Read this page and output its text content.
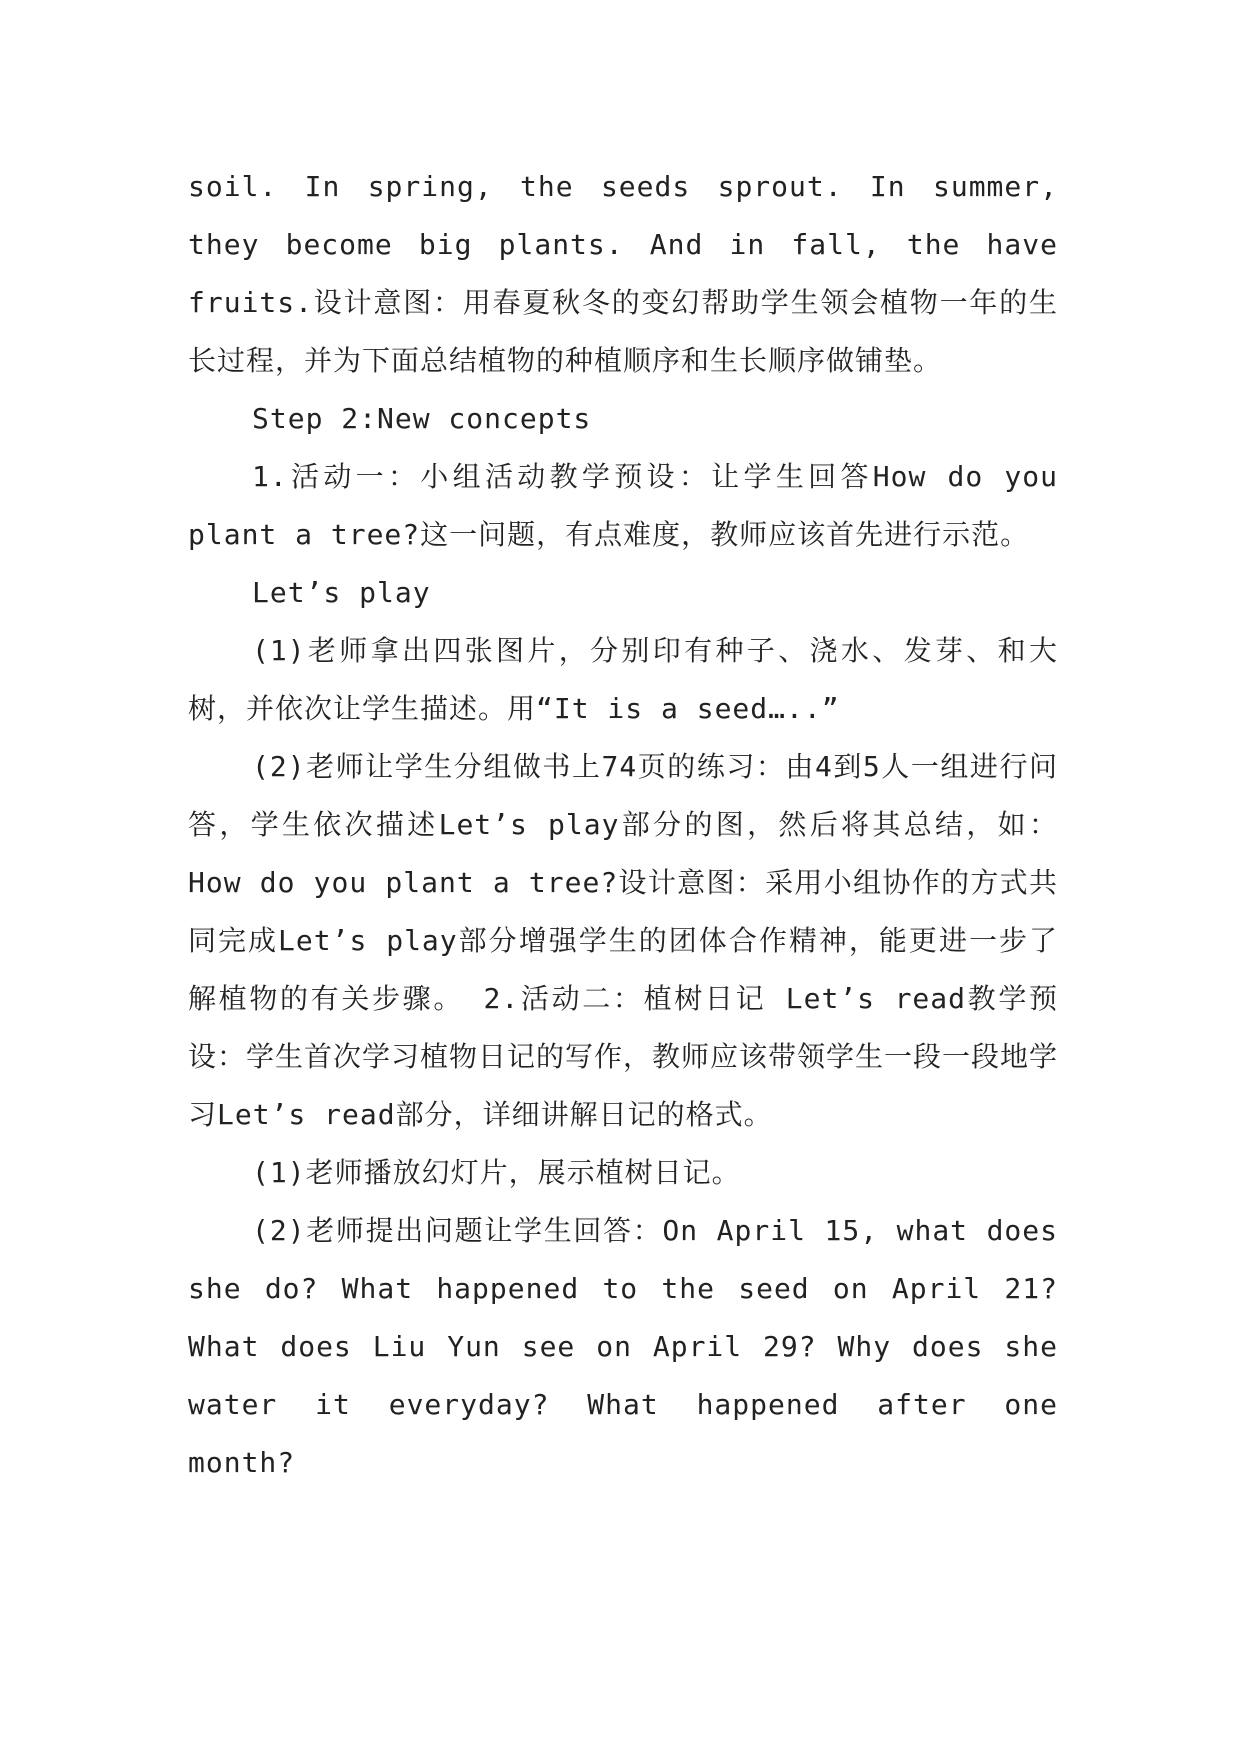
soil. In spring, the seeds sprout. In summer, they become big plants. And in fall, the have fruits.设计意图：用春夏秋冬的变幻帮助学生领会植物一年的生长过程，并为下面总结植物的种植顺序和生长顺序做铺垫。

Step 2:New concepts

1.活动一：小组活动教学预设：让学生回答How do you plant a tree?这一问题，有点难度，教师应该首先进行示范。

Let’s play

(1)老师拿出四张图片，分别印有种子、浇水、发芽、和大树，并依次让学生描述。用“It is a seed…..”

(2)老师让学生分组做书上74页的练习：由4到5人一组进行问答，学生依次描述Let’s play部分的图，然后将其总结，如：How do you plant a tree?设计意图：采用小组协作的方式共同完成Let’s play部分增强学生的团体合作精神，能更进一步了解植物的有关步骤。 2.活动二：植树日记 Let’s read教学预设：学生首次学习植物日记的写作，教师应该带领学生一段一段地学习Let’s read部分，详细讲解日记的格式。

(1)老师播放幻灯片，展示植树日记。

(2)老师提出问题让学生回答：On April 15, what does she do? What happened to the seed on April 21? What does Liu Yun see on April 29? Why does she water it everyday? What happened after one month?
